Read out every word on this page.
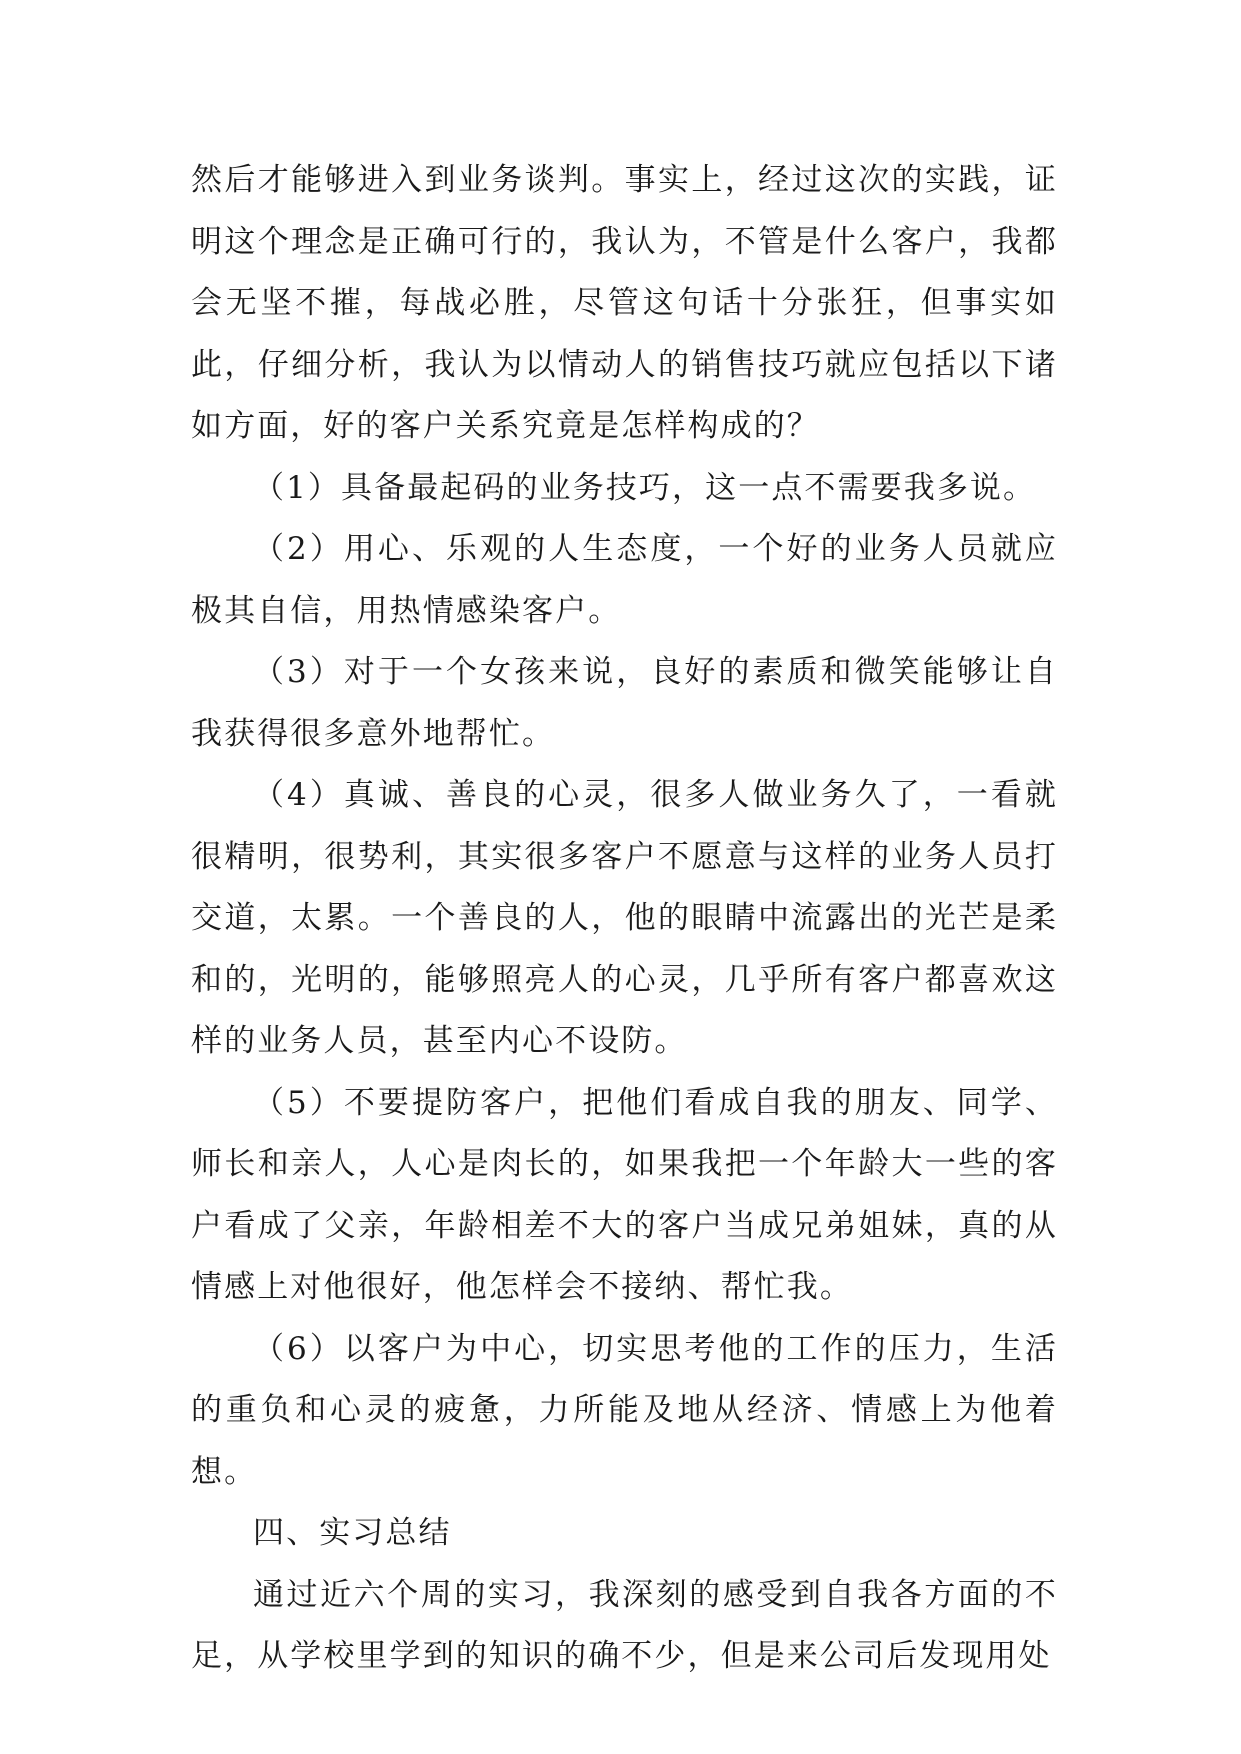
然后才能够进入到业务谈判。事实上，经过这次的实践，证明这个理念是正确可行的，我认为，不管是什么客户，我都会无坚不摧，每战必胜，尽管这句话十分张狂，但事实如此，仔细分析，我认为以情动人的销售技巧就应包括以下诸如方面，好的客户关系究竟是怎样构成的？

（1）具备最起码的业务技巧，这一点不需要我多说。

（2）用心、乐观的人生态度，一个好的业务人员就应极其自信，用热情感染客户。

（3）对于一个女孩来说，良好的素质和微笑能够让自我获得很多意外地帮忙。

（4）真诚、善良的心灵，很多人做业务久了，一看就很精明，很势利，其实很多客户不愿意与这样的业务人员打交道，太累。一个善良的人，他的眼睛中流露出的光芒是柔和的，光明的，能够照亮人的心灵，几乎所有客户都喜欢这样的业务人员，甚至内心不设防。

（5）不要提防客户，把他们看成自我的朋友、同学、师长和亲人，人心是肉长的，如果我把一个年龄大一些的客户看成了父亲，年龄相差不大的客户当成兄弟姐妹，真的从情感上对他很好，他怎样会不接纳、帮忙我。

（6）以客户为中心，切实思考他的工作的压力，生活的重负和心灵的疲惫，力所能及地从经济、情感上为他着想。

四、实习总结

通过近六个周的实习，我深刻的感受到自我各方面的不足，从学校里学到的知识的确不少，但是来公司后发现用处
